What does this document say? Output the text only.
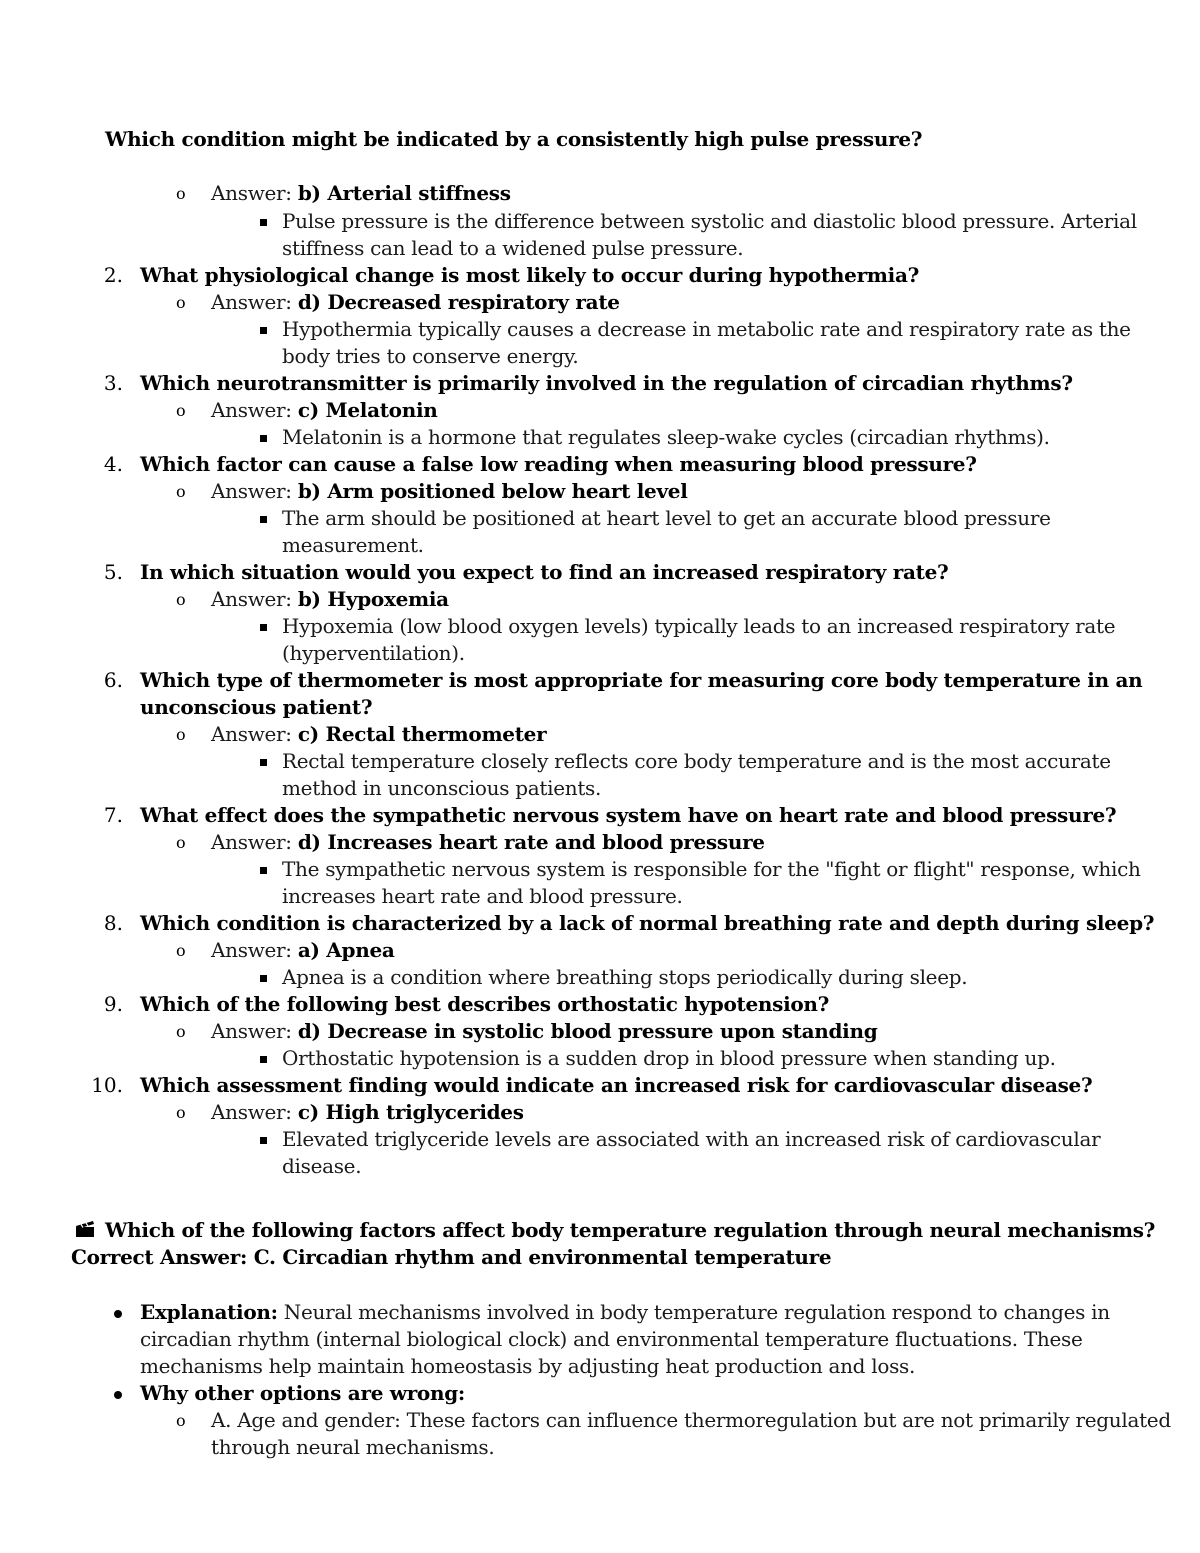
Which condition might be indicated by a consistently high pulse pressure?
o Answer: b) Arterial stiffness
Pulse pressure is the difference between systolic and diastolic blood pressure. Arterial
stiffness can lead to a widened pulse pressure.
2. What physiological change is most likely to occur during hypothermia?
o Answer: d) Decreased respiratory rate
Hypothermia typically causes a decrease in metabolic rate and respiratory rate as the
body tries to conserve energy.
3. Which neurotransmitter is primarily involved in the regulation of circadian rhythms?
o Answer: c) Melatonin
Melatonin is a hormone that regulates sleep-wake cycles (circadian rhythms).
4. Which factor can cause a false low reading when measuring blood pressure?
o Answer: b) Arm positioned below heart level
The arm should be positioned at heart level to get an accurate blood pressure
measurement.
5. In which situation would you expect to find an increased respiratory rate?
o Answer: b) Hypoxemia
Hypoxemia (low blood oxygen levels) typically leads to an increased respiratory rate
(hyperventilation).
6. Which type of thermometer is most appropriate for measuring core body temperature in an
unconscious patient?
o Answer: c) Rectal thermometer
Rectal temperature closely reflects core body temperature and is the most accurate
method in unconscious patients.
7. What effect does the sympathetic nervous system have on heart rate and blood pressure?
o Answer: d) Increases heart rate and blood pressure
The sympathetic nervous system is responsible for the "fight or flight" response, which
increases heart rate and blood pressure.
8. Which condition is characterized by a lack of normal breathing rate and depth during sleep?
o Answer: a) Apnea
Apnea is a condition where breathing stops periodically during sleep.
9. Which of the following best describes orthostatic hypotension?
o Answer: d) Decrease in systolic blood pressure upon standing
Orthostatic hypotension is a sudden drop in blood pressure when standing up.
10. Which assessment finding would indicate an increased risk for cardiovascular disease?
o Answer: c) High triglycerides
Elevated triglyceride levels are associated with an increased risk of cardiovascular
disease.
Which of the following factors affect body temperature regulation through neural mechanisms?
Correct Answer: C. Circadian rhythm and environmental temperature
Explanation: Neural mechanisms involved in body temperature regulation respond to changes in
circadian rhythm (internal biological clock) and environmental temperature fluctuations. These
mechanisms help maintain homeostasis by adjusting heat production and loss.
Why other options are wrong:
o A. Age and gender: These factors can influence thermoregulation but are not primarily regulated
through neural mechanisms.
